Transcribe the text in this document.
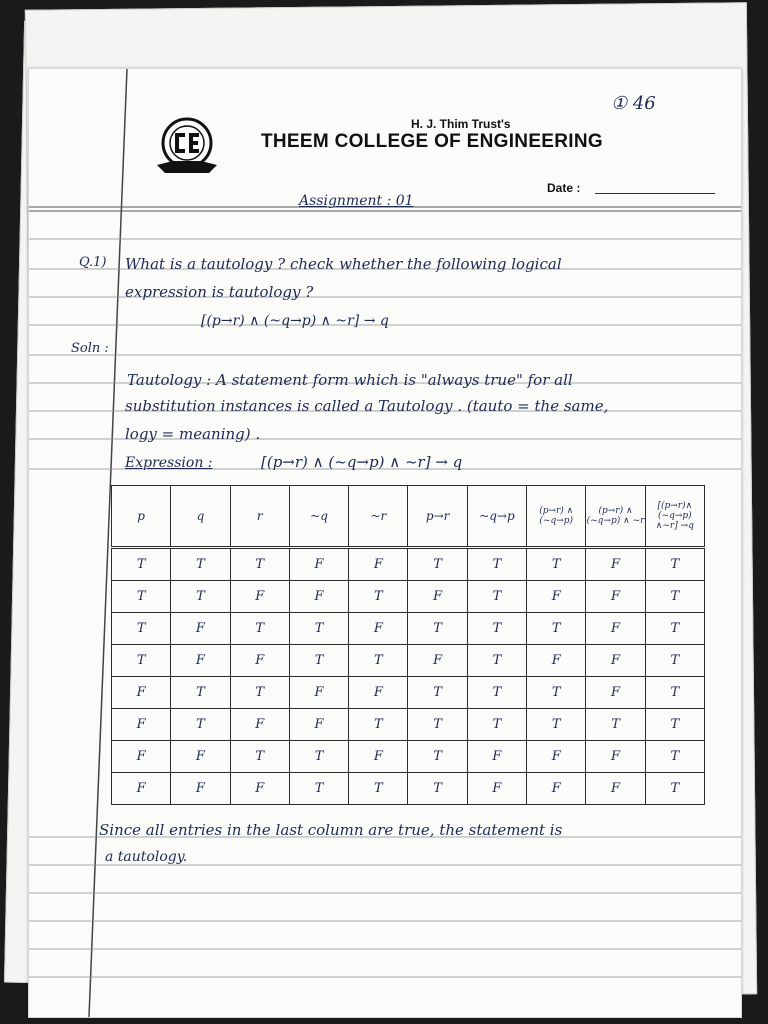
① 46
H. J. Thim Trust's
THEEM COLLEGE OF ENGINEERING
Date :
Assignment : 01
Q.1) What is a tautology ? check whether the following logical
expression is tautology ?
[(p→r) ∧ (~q→p) ∧ ~r] → q
Soln :
Tautology : A statement form which is "always true" for all
substitution instances is called a Tautology . (tauto = the same,
logy = meaning) .
Expression :	[(p→r) ∧ (~q→p) ∧ ~r] → q
p	q	r	~q	~r	p→r	~q→p	(p→r) ∧ (~q→p)	(p→r) ∧ (~q→p) ∧ ~r	[(p→r)∧ (~q→p) ∧~r] →q
T	T	T	F	F	T	T	T	F	T
T	T	F	F	T	F	T	F	F	T
T	F	T	T	F	T	T	T	F	T
T	F	F	T	T	F	T	F	F	T
F	T	T	F	F	T	T	T	F	T
F	T	F	F	T	T	T	T	T	T
F	F	T	T	F	T	F	F	F	T
F	F	F	T	T	T	F	F	F	T
Since all entries in the last column are true, the statement is
a tautology.
